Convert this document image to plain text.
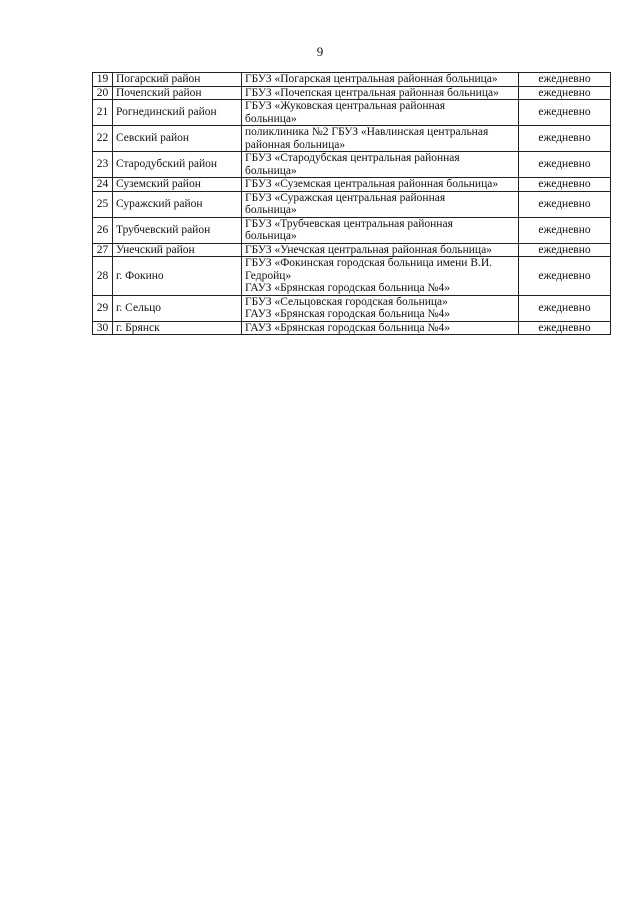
9
19	Погарский район	ГБУЗ «Погарская центральная районная больница»	ежедневно
20	Почепский район	ГБУЗ «Почепская центральная районная больница»	ежедневно
21	Рогнединский район	ГБУЗ «Жуковская центральная районная
больница»	ежедневно
22	Севский район	поликлиника №2 ГБУЗ «Навлинская центральная
районная больница»	ежедневно
23	Стародубский район	ГБУЗ «Стародубская центральная районная
больница»	ежедневно
24	Суземский район	ГБУЗ «Суземская центральная районная больница»	ежедневно
25	Суражский район	ГБУЗ «Суражская центральная районная
больница»	ежедневно
26	Трубчевский район	ГБУЗ «Трубчевская центральная районная
больница»	ежедневно
27	Унечский район	ГБУЗ «Унечская центральная районная больница»	ежедневно
28	г. Фокино	ГБУЗ «Фокинская городская больница имени В.И.
Гедройц»
ГАУЗ «Брянская городская больница №4»	ежедневно
29	г. Сельцо	ГБУЗ «Сельцовская городская больница»
ГАУЗ «Брянская городская больница №4»	ежедневно
30	г. Брянск	ГАУЗ «Брянская городская больница №4»	ежедневно
